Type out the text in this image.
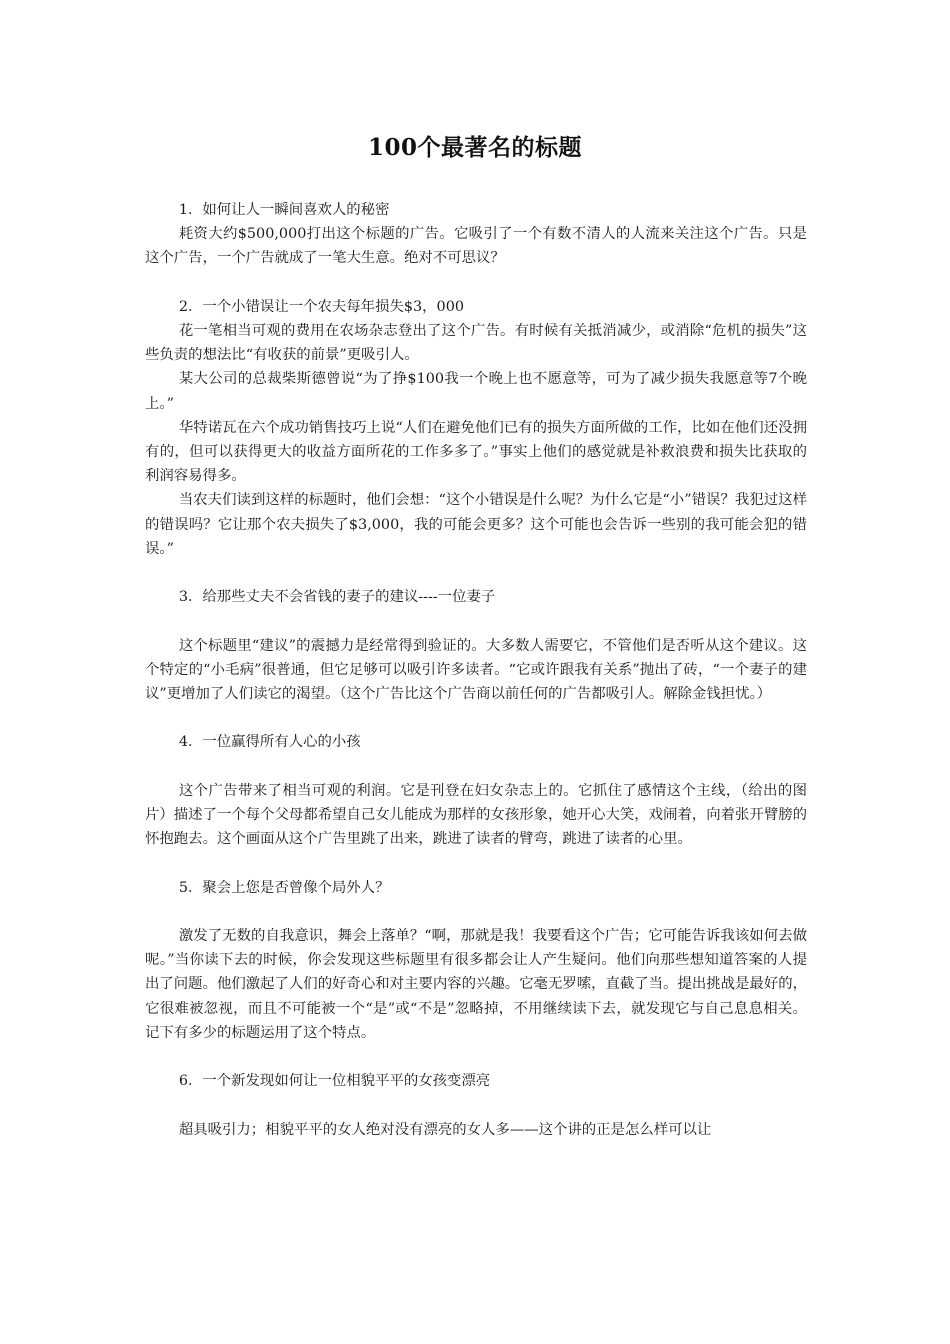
100个最著名的标题

1．如何让人一瞬间喜欢人的秘密

耗资大约$500,000打出这个标题的广告。它吸引了一个有数不清人的人流来关注这个广告。只是这个广告，一个广告就成了一笔大生意。绝对不可思议？

2．一个小错误让一个农夫每年损失$3，000

花一笔相当可观的费用在农场杂志登出了这个广告。有时候有关抵消减少，或消除“危机的损失”这些负责的想法比“有收获的前景”更吸引人。

某大公司的总裁柴斯德曾说“为了挣$100我一个晚上也不愿意等，可为了减少损失我愿意等7个晚上。”

华特诺瓦在六个成功销售技巧上说“人们在避免他们已有的损失方面所做的工作，比如在他们还没拥有的，但可以获得更大的收益方面所花的工作多多了。”事实上他们的感觉就是补救浪费和损失比获取的利润容易得多。

当农夫们读到这样的标题时，他们会想：“这个小错误是什么呢？为什么它是“小”错误？我犯过这样的错误吗？它让那个农夫损失了$3,000，我的可能会更多？这个可能也会告诉一些别的我可能会犯的错误。”

3．给那些丈夫不会省钱的妻子的建议----一位妻子

这个标题里“建议”的震撼力是经常得到验证的。大多数人需要它，不管他们是否听从这个建议。这个特定的“小毛病”很普通，但它足够可以吸引许多读者。“它或许跟我有关系”抛出了砖，“一个妻子的建议”更增加了人们读它的渴望。（这个广告比这个广告商以前任何的广告都吸引人。解除金钱担忧。）

4．一位赢得所有人心的小孩

这个广告带来了相当可观的利润。它是刊登在妇女杂志上的。它抓住了感情这个主线，（给出的图片）描述了一个每个父母都希望自己女儿能成为那样的女孩形象，她开心大笑，戏闹着，向着张开臂膀的怀抱跑去。这个画面从这个广告里跳了出来，跳进了读者的臂弯，跳进了读者的心里。

5．聚会上您是否曾像个局外人？

激发了无数的自我意识，舞会上落单？“啊，那就是我！我要看这个广告；它可能告诉我该如何去做呢。”当你读下去的时候，你会发现这些标题里有很多都会让人产生疑问。他们向那些想知道答案的人提出了问题。他们激起了人们的好奇心和对主要内容的兴趣。它毫无罗嗦，直截了当。提出挑战是最好的，它很难被忽视，而且不可能被一个“是”或“不是”忽略掉，不用继续读下去，就发现它与自己息息相关。记下有多少的标题运用了这个特点。

6．一个新发现如何让一位相貌平平的女孩变漂亮

超具吸引力；相貌平平的女人绝对没有漂亮的女人多——这个讲的正是怎么样可以让
